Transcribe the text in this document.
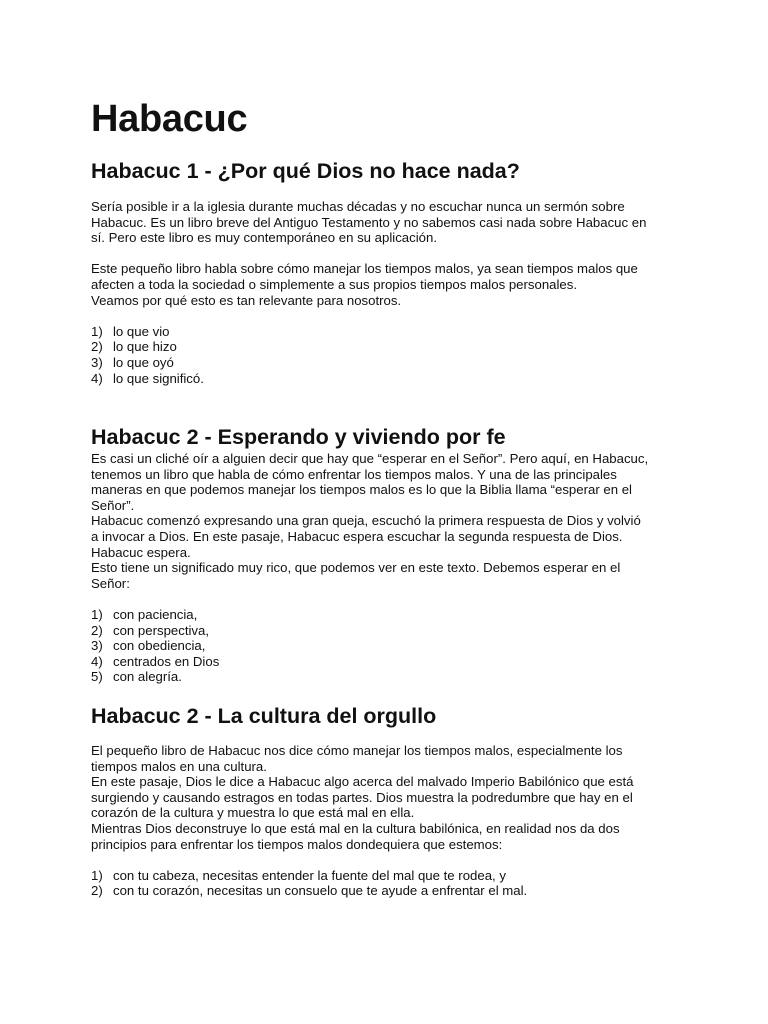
Habacuc
Habacuc 1 - ¿Por qué Dios no hace nada?

Sería posible ir a la iglesia durante muchas décadas y no escuchar nunca un sermón sobre
Habacuc. Es un libro breve del Antiguo Testamento y no sabemos casi nada sobre Habacuc en
sí. Pero este libro es muy contemporáneo en su aplicación.

Este pequeño libro habla sobre cómo manejar los tiempos malos, ya sean tiempos malos que
afecten a toda la sociedad o simplemente a sus propios tiempos malos personales.
Veamos por qué esto es tan relevante para nosotros.

1) lo que vio
2) lo que hizo
3) lo que oyó
4) lo que significó.
Habacuc 2 - Esperando y viviendo por fe

Es casi un cliché oír a alguien decir que hay que “esperar en el Señor”. Pero aquí, en Habacuc,
tenemos un libro que habla de cómo enfrentar los tiempos malos. Y una de las principales
maneras en que podemos manejar los tiempos malos es lo que la Biblia llama “esperar en el
Señor”.
Habacuc comenzó expresando una gran queja, escuchó la primera respuesta de Dios y volvió
a invocar a Dios. En este pasaje, Habacuc espera escuchar la segunda respuesta de Dios.
Habacuc espera.
Esto tiene un significado muy rico, que podemos ver en este texto. Debemos esperar en el
Señor:

1) con paciencia,
2) con perspectiva,
3) con obediencia,
4) centrados en Dios
5) con alegría.
Habacuc 2 - La cultura del orgullo

El pequeño libro de Habacuc nos dice cómo manejar los tiempos malos, especialmente los
tiempos malos en una cultura.
En este pasaje, Dios le dice a Habacuc algo acerca del malvado Imperio Babilónico que está
surgiendo y causando estragos en todas partes. Dios muestra la podredumbre que hay en el
corazón de la cultura y muestra lo que está mal en ella.
Mientras Dios deconstruye lo que está mal en la cultura babilónica, en realidad nos da dos
principios para enfrentar los tiempos malos dondequiera que estemos:

1) con tu cabeza, necesitas entender la fuente del mal que te rodea, y
2) con tu corazón, necesitas un consuelo que te ayude a enfrentar el mal.
